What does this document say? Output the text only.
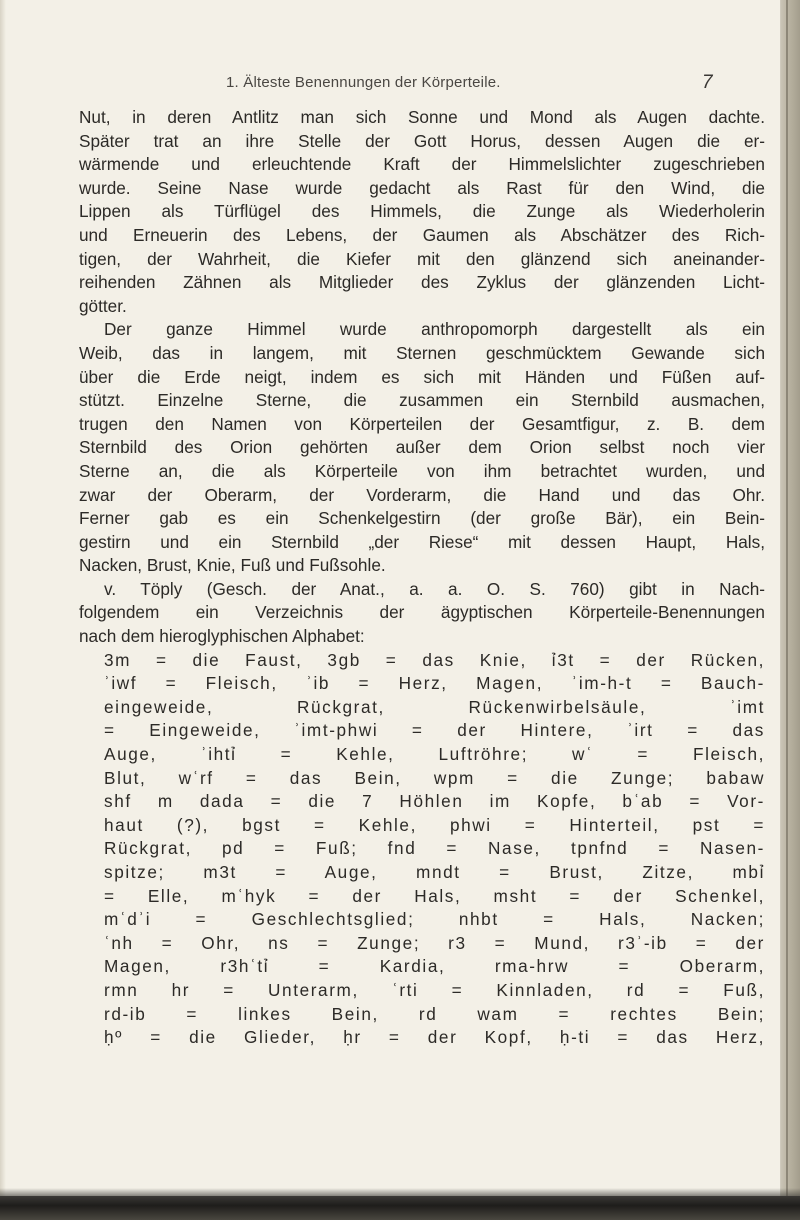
1. Älteste Benennungen der Körperteile.	7
Nut, in deren Antlitz man sich Sonne und Mond als Augen dachte.
Später trat an ihre Stelle der Gott Horus, dessen Augen die er-
wärmende und erleuchtende Kraft der Himmelslichter zugeschrieben
wurde. Seine Nase wurde gedacht als Rast für den Wind, die
Lippen als Türflügel des Himmels, die Zunge als Wiederholerin
und Erneuerin des Lebens, der Gaumen als Abschätzer des Rich-
tigen, der Wahrheit, die Kiefer mit den glänzend sich aneinander-
reihenden Zähnen als Mitglieder des Zyklus der glänzenden Licht-
götter.
Der ganze Himmel wurde anthropomorph dargestellt als ein
Weib, das in langem, mit Sternen geschmücktem Gewande sich
über die Erde neigt, indem es sich mit Händen und Füßen auf-
stützt. Einzelne Sterne, die zusammen ein Sternbild ausmachen,
trugen den Namen von Körperteilen der Gesamtfigur, z. B. dem
Sternbild des Orion gehörten außer dem Orion selbst noch vier
Sterne an, die als Körperteile von ihm betrachtet wurden, und
zwar der Oberarm, der Vorderarm, die Hand und das Ohr.
Ferner gab es ein Schenkelgestirn (der große Bär), ein Bein-
gestirn und ein Sternbild „der Riese“ mit dessen Haupt, Hals,
Nacken, Brust, Knie, Fuß und Fußsohle.
v. Töply (Gesch. der Anat., a. a. O. S. 760) gibt in Nach-
folgendem ein Verzeichnis der ägyptischen Körperteile-Benennungen
nach dem hieroglyphischen Alphabet:
3m = die Faust, 3gb = das Knie, ỉ3t = der Rücken,
ʾiwf = Fleisch, ʾib = Herz, Magen, ʾim-h-t = Bauch-
eingeweide, Rückgrat, Rückenwirbelsäule, ʾimt
= Eingeweide, ʾimt-phwi = der Hintere, ʾirt = das
Auge, ʾihtỉ = Kehle, Luftröhre; wʿ = Fleisch,
Blut, wʿrf = das Bein, wpm = die Zunge; babaw
shf m dada = die 7 Höhlen im Kopfe, bʿab = Vor-
haut (?), bgst = Kehle, phwi = Hinterteil, pst =
Rückgrat, pd = Fuß; fnd = Nase, tpnfnd = Nasen-
spitze; m3t = Auge, mndt = Brust, Zitze, mbỉ
= Elle, mʿhyk = der Hals, msht = der Schenkel,
mʿdʾi = Geschlechtsglied; nhbt = Hals, Nacken;
ʿnh = Ohr, ns = Zunge; r3 = Mund, r3ʾ-ib = der
Magen, r3hʿtỉ = Kardia, rma-hrw = Oberarm,
rmn hr = Unterarm, ʿrti = Kinnladen, rd = Fuß,
rd-ib = linkes Bein, rd wam = rechtes Bein;
ḥº = die Glieder, ḥr = der Kopf, ḥ-ti = das Herz,
